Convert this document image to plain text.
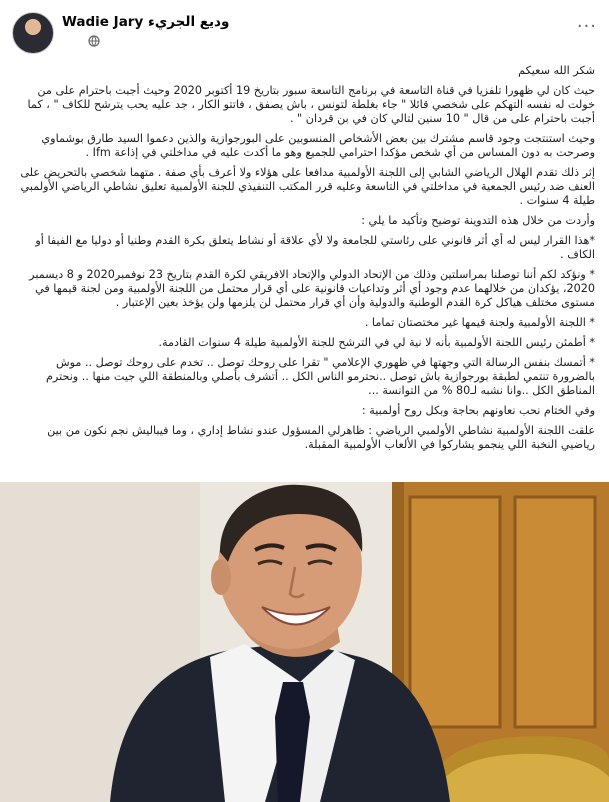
Wadie Jary وديع الجريء	···

شكر الله سعيكم

حيث كان لي ظهورا تلفزيا في قناة التاسعة في برنامج التاسعة سبور بتاريخ 19 أكتوبر 2020 وحيث أجبت باحترام على من خولت له نفسه التهكم على شخصي قائلا " جاء بغلطة لتونس ، باش يصفق ، فاتتو الكار ، جد عليه يحب يترشح للكاف " ، كما أجبت باحترام على من قال " 10 سنين لتالي كان في بن قردان " .

وحيث استنتجت وجود قاسم مشترك بين بعض الأشخاص المنسوبين على البورجوازية والذين دعموا السيد طارق بوشماوي وصرحت به دون المساس من أي شخص مؤكدا احترامي للجميع وهو ما أكدت عليه في مداخلتي في إذاعة Ifm .

إثر ذلك تقدم الهلال الرياضي الشابي إلى اللجنة الأولمبية مدافعا على هؤلاء ولا أعرف بأي صفة . متهما شخصي بالتحريض على العنف ضد رئيس الجمعية في مداخلتي في التاسعة وعليه قرر المكتب التنفيذي للجنة الأولمبية تعليق نشاطي الرياضي الأولمبي طيلة 4 سنوات .

وأردت من خلال هذه التدوينة توضيح وتأكيد ما يلي :

*هذا القرار ليس له أي أثر قانوني على رئاستي للجامعة ولا لأي علاقة أو نشاط يتعلق بكرة القدم وطنيا أو دوليا مع الفيفا أو الكاف .

* ونؤكد لكم أننا توصلنا بمراسلتين وذلك من الإتحاد الدولي والإتحاد الافريقي لكرة القدم بتاريخ 23 نوفمبر2020 و 8 ديسمبر 2020، يؤكدان من خلالهما عدم وجود أي أثر وتداعيات قانونية على أي قرار محتمل من اللجنة الأولمبية ومن لجنة قيمها في مستوى مختلف هياكل كرة القدم الوطنية والدولية وأن أي قرار محتمل لن يلزمها ولن يؤخذ بعين الإعتبار .

* اللجنة الأولمبية ولجنة قيمها غير مختصتان تماما .

* أطمئن رئيس اللجنة الأولمبية بأنه لا نية لي في الترشح للجنة الأولمبية طيلة 4 سنوات القادمة.

* أتمسك بنفس الرسالة التي وجهتها في ظهوري الإعلامي " تقرا على روحك توصل .. تخدم على روحك توصل .. موش بالضرورة تنتمي لطبقة بورجوازية باش توصل ..نحترمو الناس الكل .. أتشرف بأصلي وبالمنطقة اللي جيت منها .. ونحترم المناطق الكل ..وانا نشبه لـ80 % من التوانسة ...

وفي الختام نحب نعاونهم بحاجة وبكل روح أولمبية :

علقت اللجنة الأولمبية نشاطي الأولمبي الرياضي : ظاهرلي المسؤول عندو نشاط إداري ، وما فيباليش نجم نكون من بين رياضيي النخبة اللي ينجمو يشاركوا في الألعاب الأولمبية المقبلة.
